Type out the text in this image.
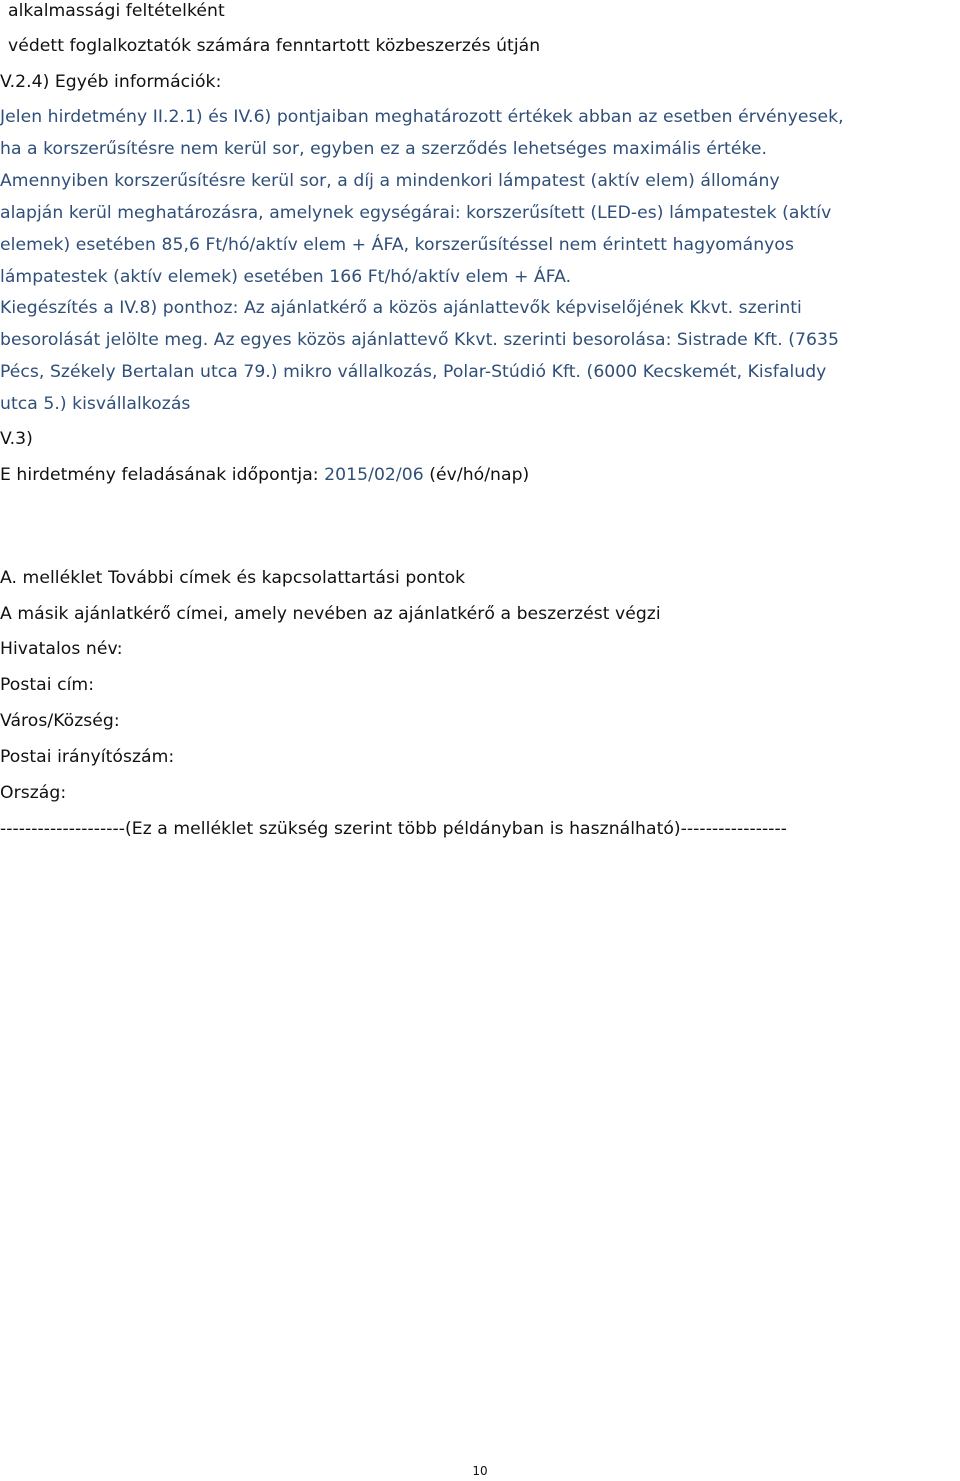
alkalmassági feltételként

védett foglalkoztatók számára fenntartott közbeszerzés útján

V.2.4) Egyéb információk:

Jelen hirdetmény II.2.1) és IV.6) pontjaiban meghatározott értékek abban az esetben érvényesek,

ha a korszerűsítésre nem kerül sor, egyben ez a szerződés lehetséges maximális értéke.

Amennyiben korszerűsítésre kerül sor, a díj a mindenkori lámpatest (aktív elem) állomány

alapján kerül meghatározásra, amelynek egységárai: korszerűsített (LED-es) lámpatestek (aktív

elemek) esetében 85,6 Ft/hó/aktív elem + ÁFA, korszerűsítéssel nem érintett hagyományos

lámpatestek (aktív elemek) esetében 166 Ft/hó/aktív elem + ÁFA.

Kiegészítés a IV.8) ponthoz: Az ajánlatkérő a közös ajánlattevők képviselőjének Kkvt. szerinti

besorolását jelölte meg. Az egyes közös ajánlattevő Kkvt. szerinti besorolása: Sistrade Kft. (7635

Pécs, Székely Bertalan utca 79.) mikro vállalkozás, Polar-Stúdió Kft. (6000 Kecskemét, Kisfaludy

utca 5.) kisvállalkozás

V.3)

E hirdetmény feladásának időpontja: 2015/02/06 (év/hó/nap)

A. melléklet További címek és kapcsolattartási pontok

A másik ajánlatkérő címei, amely nevében az ajánlatkérő a beszerzést végzi

Hivatalos név:

Postai cím:

Város/Község:

Postai irányítószám:

Ország:

--------------------(Ez a melléklet szükség szerint több példányban is használható)-----------------

10
